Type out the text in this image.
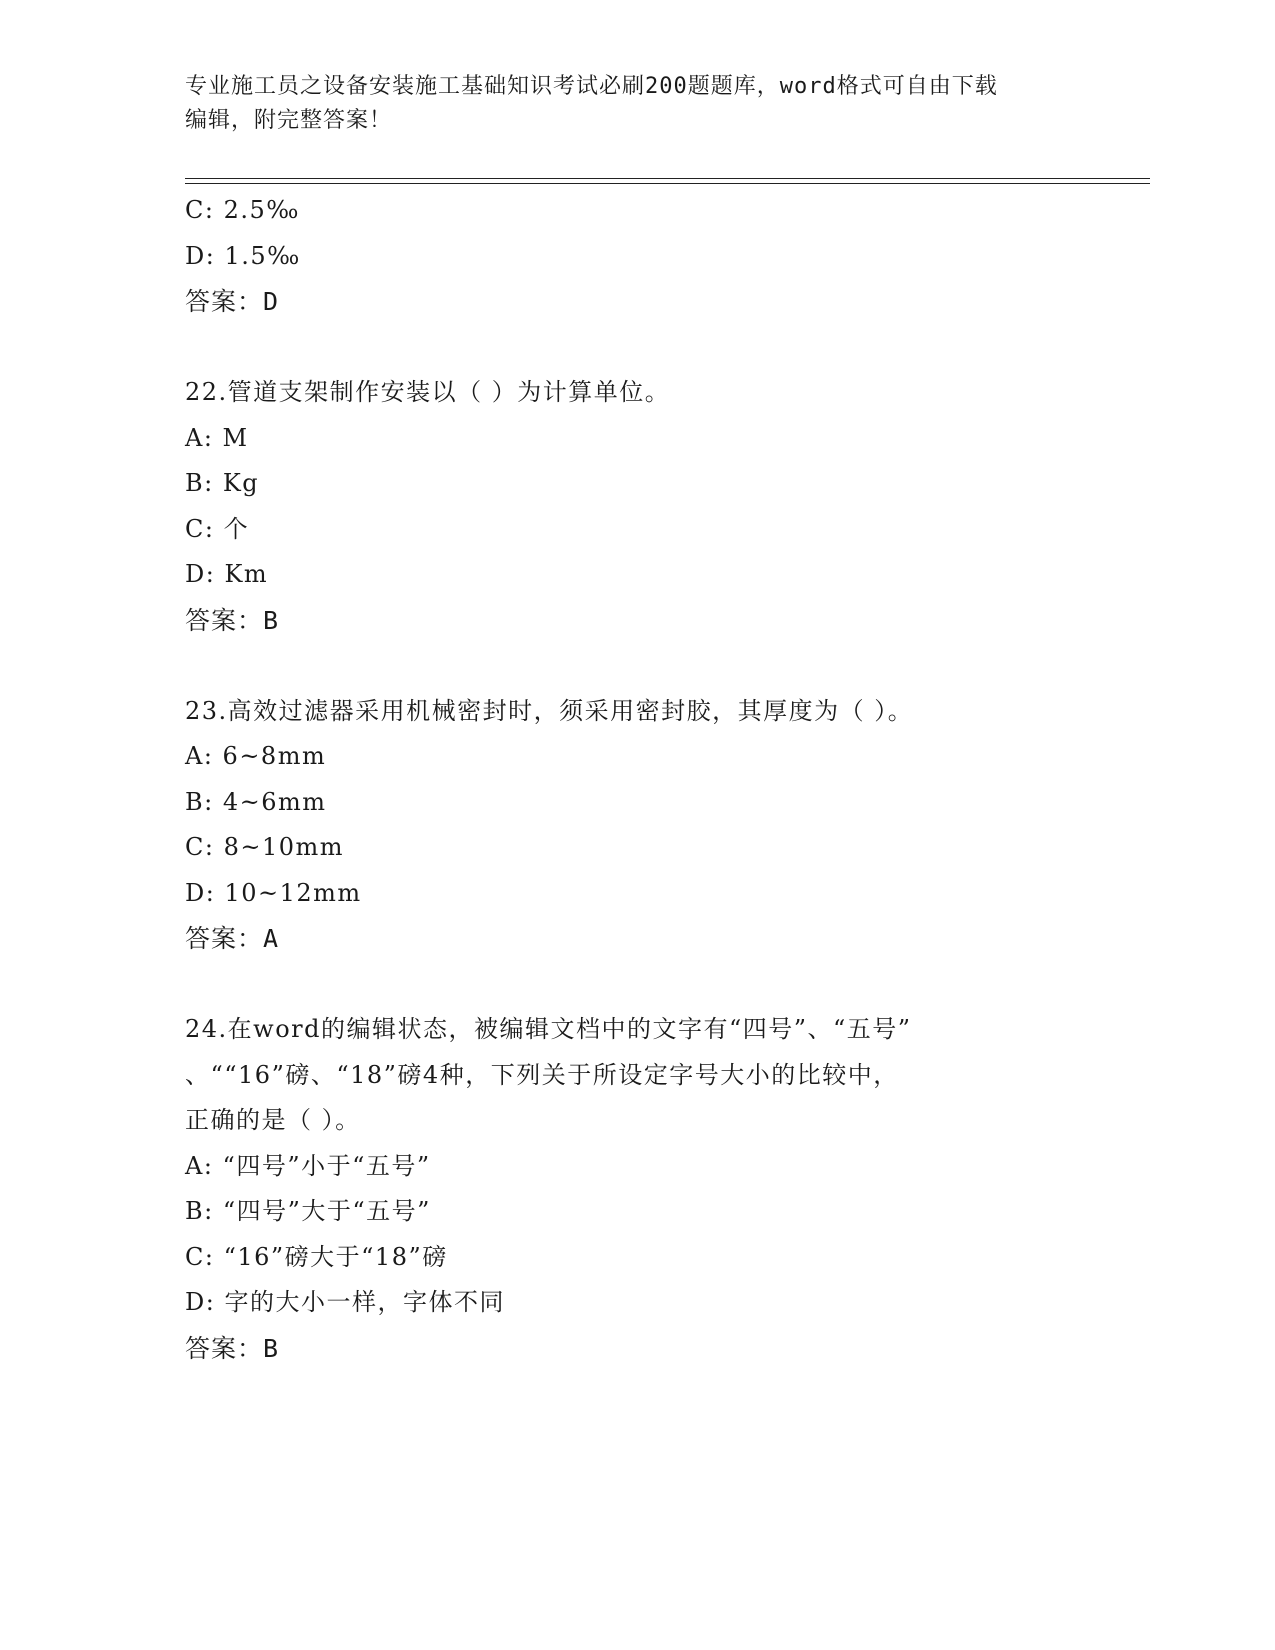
专业施工员之设备安装施工基础知识考试必刷200题题库，word格式可自由下载
编辑，附完整答案！
C: 2.5‰
D: 1.5‰
答案：D
22.管道支架制作安装以（ ）为计算单位。
A: M
B: Kg
C: 个
D: Km
答案：B
23.高效过滤器采用机械密封时，须采用密封胶，其厚度为（ ）。
A: 6~8mm
B: 4~6mm
C: 8~10mm
D: 10~12mm
答案：A
24.在word的编辑状态，被编辑文档中的文字有“四号”、“五号”
、““16”磅、“18”磅4种，下列关于所设定字号大小的比较中，
正确的是（ ）。
A: “四号”小于“五号”
B: “四号”大于“五号”
C: “16”磅大于“18”磅
D: 字的大小一样，字体不同
答案：B
